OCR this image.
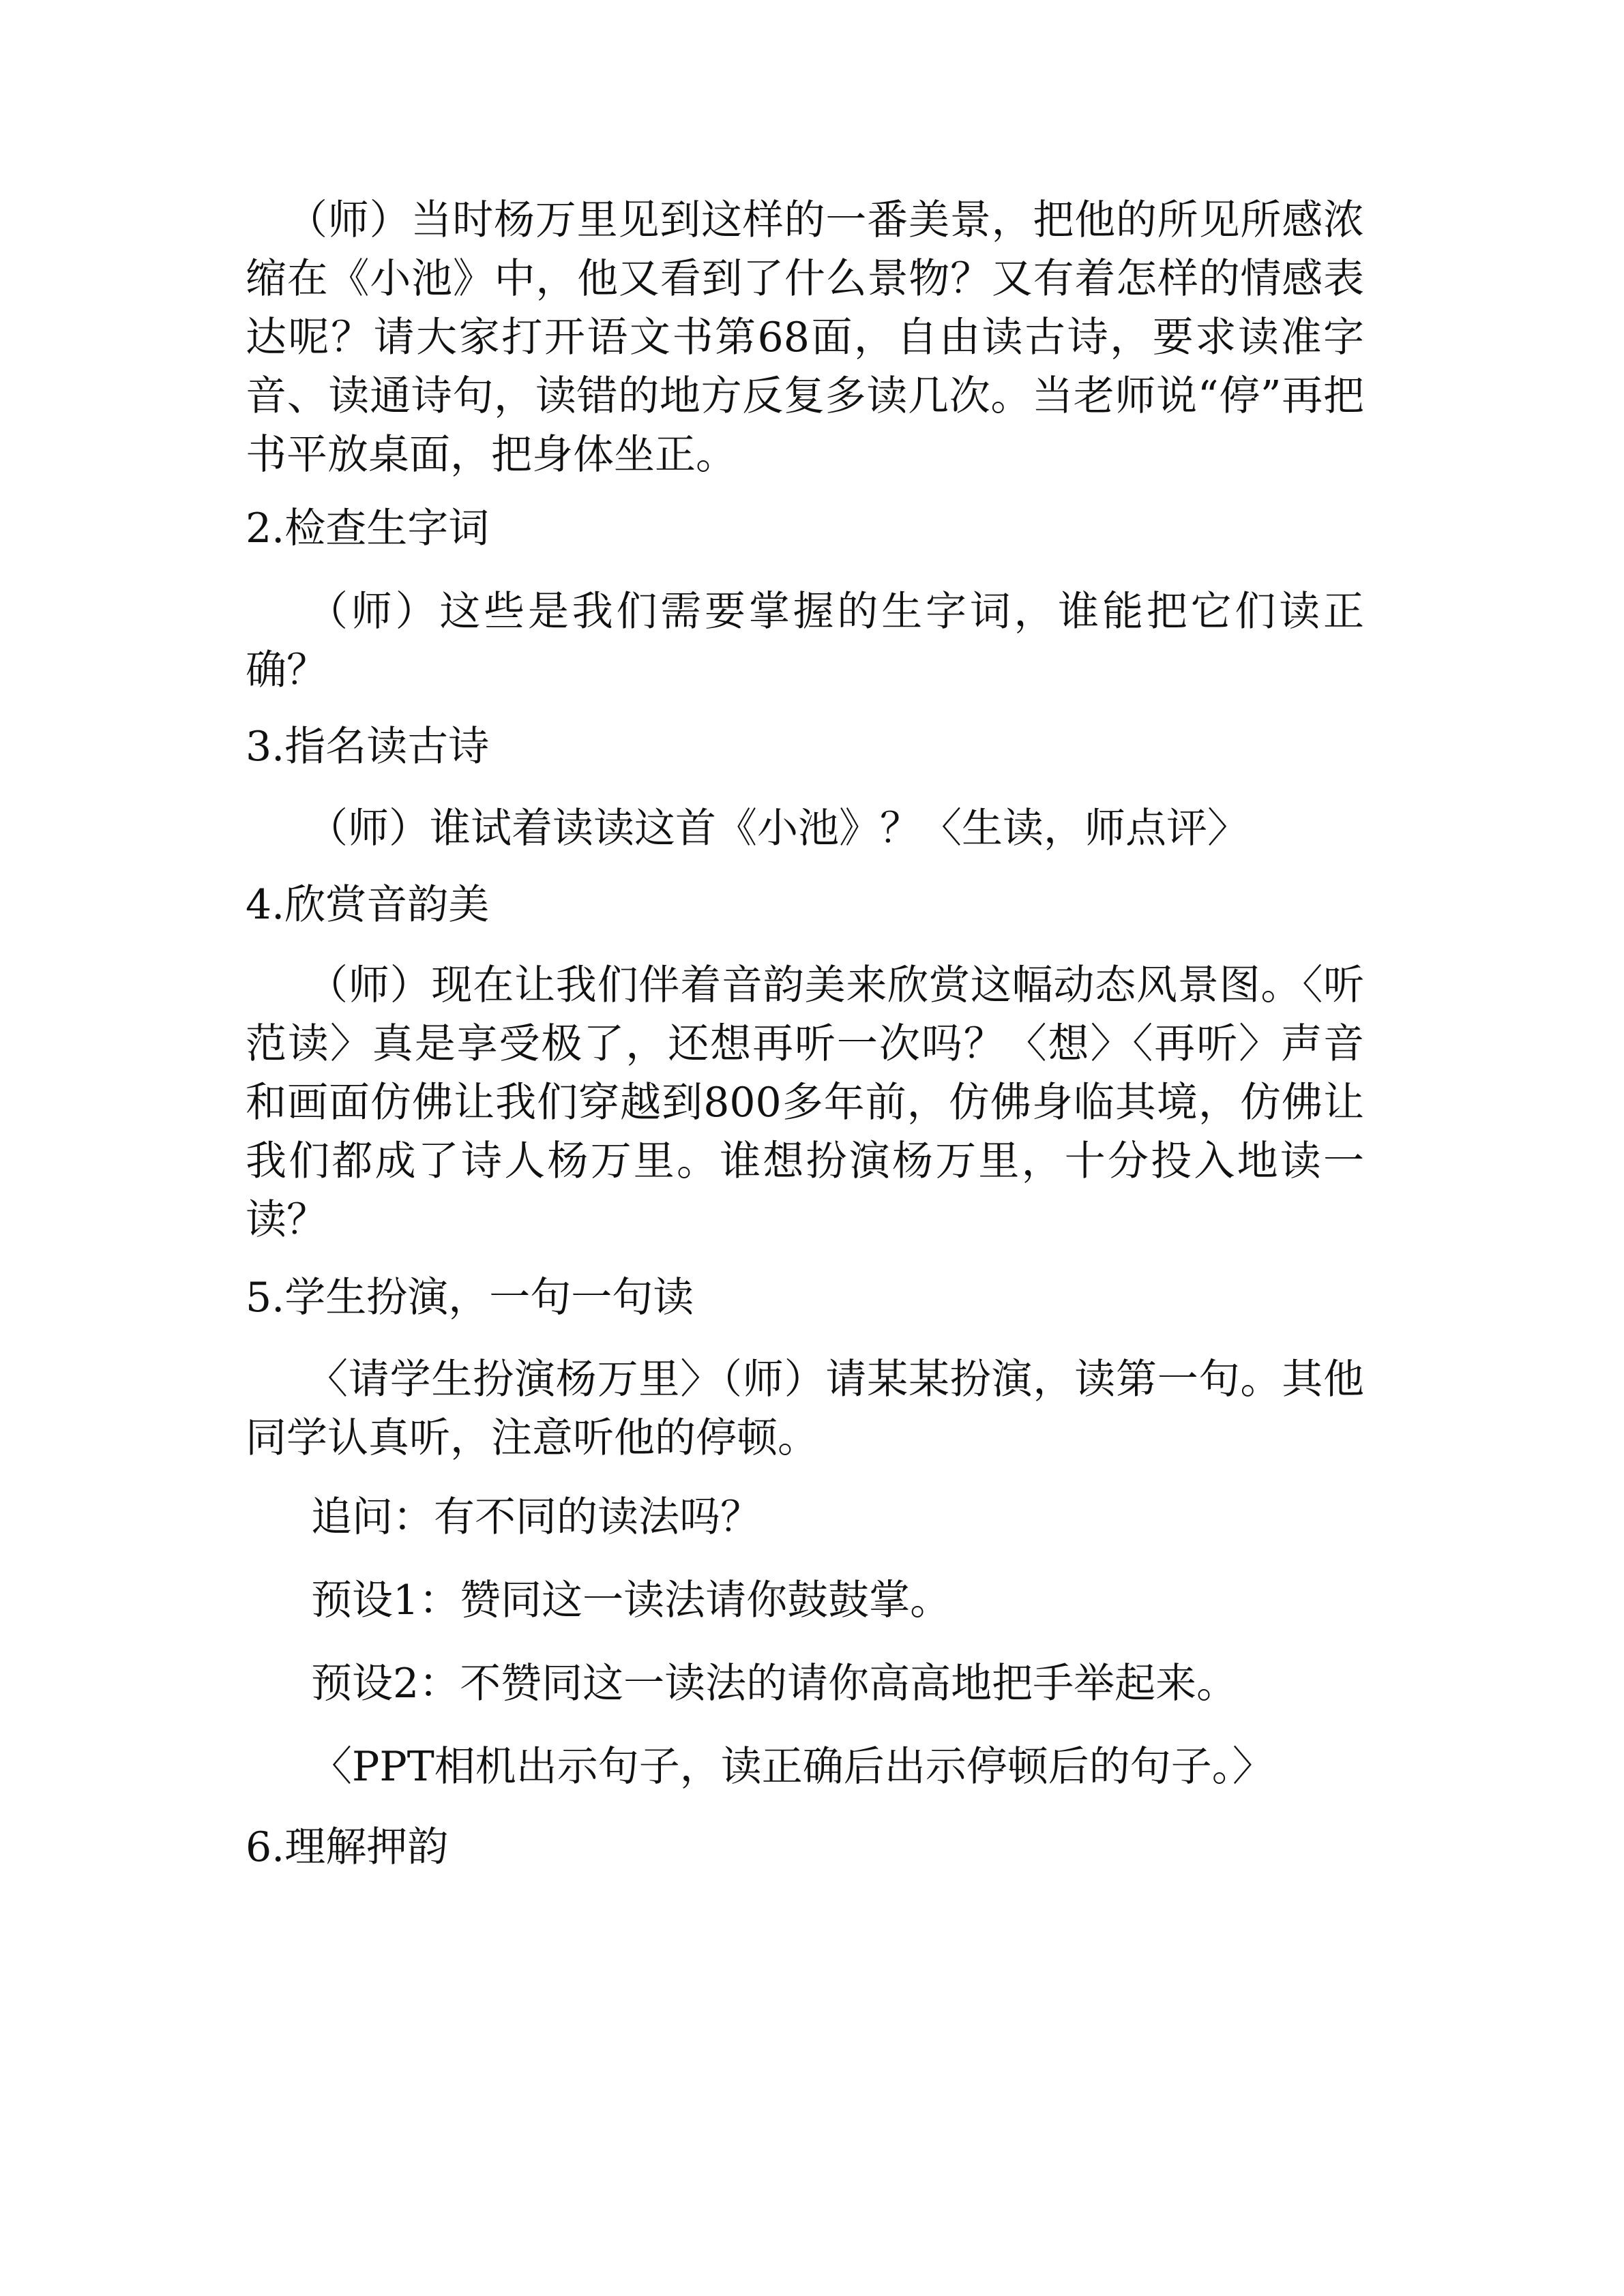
（师）当时杨万里见到这样的一番美景，把他的所见所感浓缩在《小池》中，他又看到了什么景物？又有着怎样的情感表达呢？请大家打开语文书第68面，自由读古诗，要求读准字音、读通诗句，读错的地方反复多读几次。当老师说“停”再把书平放桌面，把身体坐正。

2.检查生字词

（师）这些是我们需要掌握的生字词，谁能把它们读正确？

3.指名读古诗

（师）谁试着读读这首《小池》？〈生读，师点评〉

4.欣赏音韵美

（师）现在让我们伴着音韵美来欣赏这幅动态风景图。〈听范读〉真是享受极了，还想再听一次吗？〈想〉〈再听〉声音和画面仿佛让我们穿越到800多年前，仿佛身临其境，仿佛让我们都成了诗人杨万里。谁想扮演杨万里，十分投入地读一读？

5.学生扮演，一句一句读

〈请学生扮演杨万里〉（师）请某某扮演，读第一句。其他同学认真听，注意听他的停顿。

追问：有不同的读法吗？

预设1：赞同这一读法请你鼓鼓掌。

预设2：不赞同这一读法的请你高高地把手举起来。

〈PPT相机出示句子，读正确后出示停顿后的句子。〉

6.理解押韵
